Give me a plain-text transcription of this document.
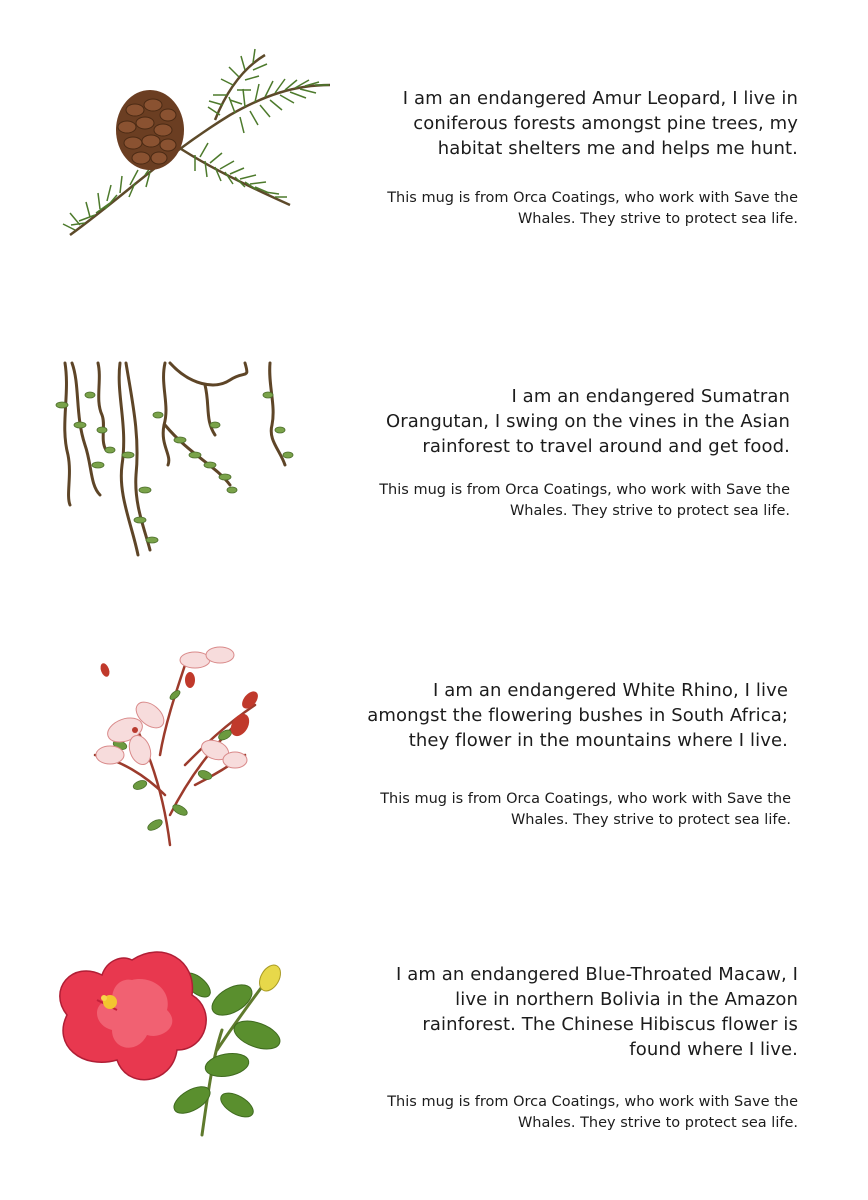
I am an endangered Amur Leopard, I live in
coniferous forests amongst pine trees, my
habitat shelters me and helps me hunt.

This mug is from Orca Coatings, who work with Save the
Whales. They strive to protect sea life.

I am an endangered Sumatran
Orangutan, I swing on the vines in the Asian
rainforest to travel around and get food.

This mug is from Orca Coatings, who work with Save the
Whales. They strive to protect sea life.

I am an endangered White Rhino, I live
amongst the flowering bushes in South Africa;
they flower in the mountains where I live.

This mug is from Orca Coatings, who work with Save the
Whales. They strive to protect sea life.

I am an endangered Blue-Throated Macaw, I
live in northern Bolivia in the Amazon
rainforest. The Chinese Hibiscus flower is
found where I live.

This mug is from Orca Coatings, who work with Save the
Whales. They strive to protect sea life.
